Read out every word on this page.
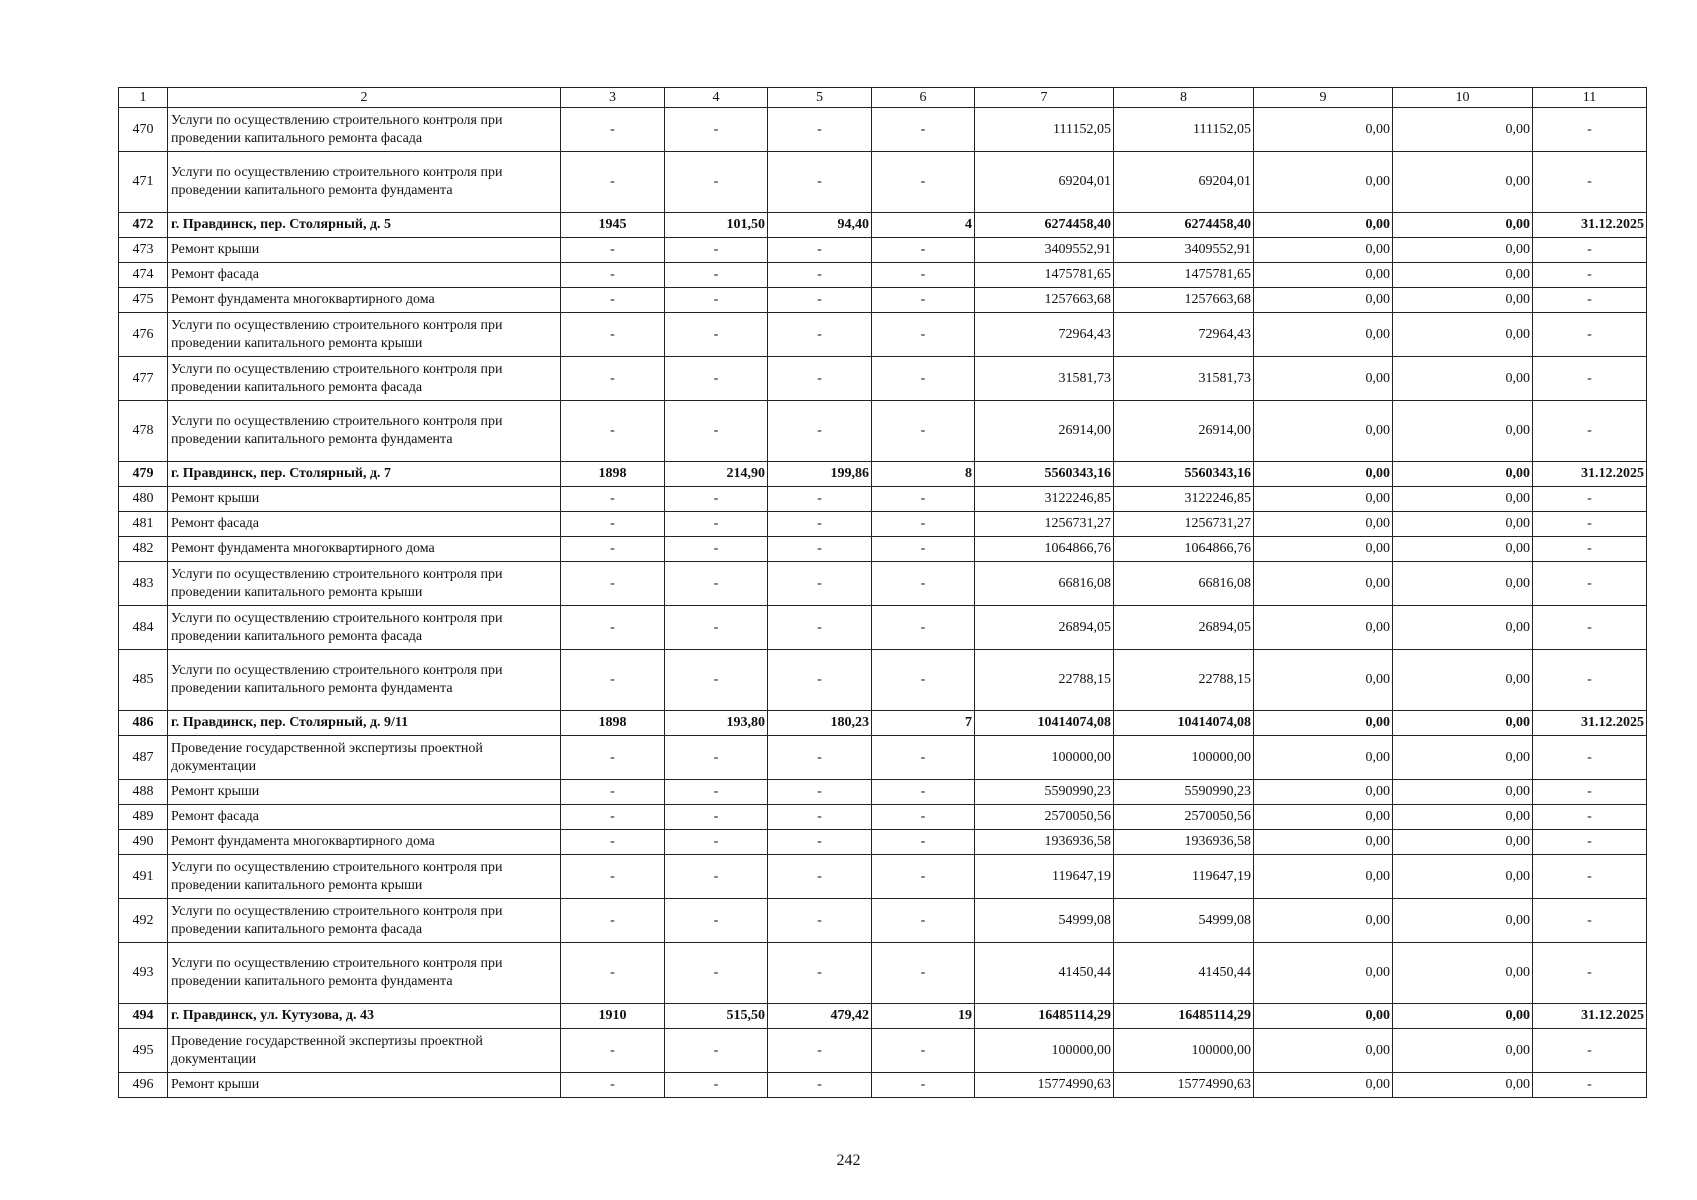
1	2	3	4	5	6	7	8	9	10	11
470	Услуги по осуществлению строительного контроля при проведении капитального ремонта фасада	-	-	-	-	111152,05	111152,05	0,00	0,00	-
471	Услуги по осуществлению строительного контроля при проведении капитального ремонта фундамента	-	-	-	-	69204,01	69204,01	0,00	0,00	-
472	г. Правдинск, пер. Столярный, д. 5	1945	101,50	94,40	4	6274458,40	6274458,40	0,00	0,00	31.12.2025
473	Ремонт крыши	-	-	-	-	3409552,91	3409552,91	0,00	0,00	-
474	Ремонт фасада	-	-	-	-	1475781,65	1475781,65	0,00	0,00	-
475	Ремонт фундамента многоквартирного дома	-	-	-	-	1257663,68	1257663,68	0,00	0,00	-
476	Услуги по осуществлению строительного контроля при проведении капитального ремонта крыши	-	-	-	-	72964,43	72964,43	0,00	0,00	-
477	Услуги по осуществлению строительного контроля при проведении капитального ремонта фасада	-	-	-	-	31581,73	31581,73	0,00	0,00	-
478	Услуги по осуществлению строительного контроля при проведении капитального ремонта фундамента	-	-	-	-	26914,00	26914,00	0,00	0,00	-
479	г. Правдинск, пер. Столярный, д. 7	1898	214,90	199,86	8	5560343,16	5560343,16	0,00	0,00	31.12.2025
480	Ремонт крыши	-	-	-	-	3122246,85	3122246,85	0,00	0,00	-
481	Ремонт фасада	-	-	-	-	1256731,27	1256731,27	0,00	0,00	-
482	Ремонт фундамента многоквартирного дома	-	-	-	-	1064866,76	1064866,76	0,00	0,00	-
483	Услуги по осуществлению строительного контроля при проведении капитального ремонта крыши	-	-	-	-	66816,08	66816,08	0,00	0,00	-
484	Услуги по осуществлению строительного контроля при проведении капитального ремонта фасада	-	-	-	-	26894,05	26894,05	0,00	0,00	-
485	Услуги по осуществлению строительного контроля при проведении капитального ремонта фундамента	-	-	-	-	22788,15	22788,15	0,00	0,00	-
486	г. Правдинск, пер. Столярный, д. 9/11	1898	193,80	180,23	7	10414074,08	10414074,08	0,00	0,00	31.12.2025
487	Проведение государственной экспертизы проектной документации	-	-	-	-	100000,00	100000,00	0,00	0,00	-
488	Ремонт крыши	-	-	-	-	5590990,23	5590990,23	0,00	0,00	-
489	Ремонт фасада	-	-	-	-	2570050,56	2570050,56	0,00	0,00	-
490	Ремонт фундамента многоквартирного дома	-	-	-	-	1936936,58	1936936,58	0,00	0,00	-
491	Услуги по осуществлению строительного контроля при проведении капитального ремонта крыши	-	-	-	-	119647,19	119647,19	0,00	0,00	-
492	Услуги по осуществлению строительного контроля при проведении капитального ремонта фасада	-	-	-	-	54999,08	54999,08	0,00	0,00	-
493	Услуги по осуществлению строительного контроля при проведении капитального ремонта фундамента	-	-	-	-	41450,44	41450,44	0,00	0,00	-
494	г. Правдинск, ул. Кутузова, д. 43	1910	515,50	479,42	19	16485114,29	16485114,29	0,00	0,00	31.12.2025
495	Проведение государственной экспертизы проектной документации	-	-	-	-	100000,00	100000,00	0,00	0,00	-
496	Ремонт крыши	-	-	-	-	15774990,63	15774990,63	0,00	0,00	-
242
